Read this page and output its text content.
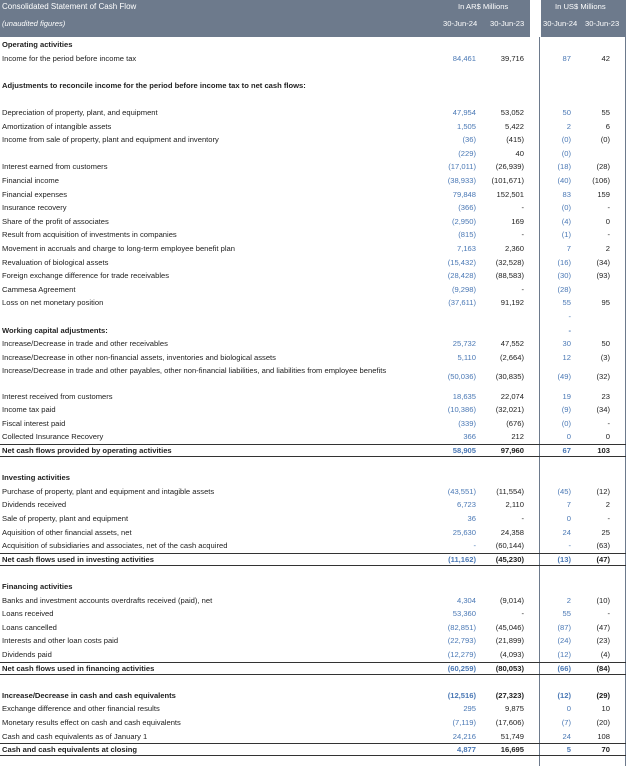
Consolidated Statement of Cash Flow
(unaudited figures)
In AR$ Millions	In US$ Millions
30-Jun-24 30-Jun-23 30-Jun-24 30-Jun-23
Operating activities
Income for the period before income tax	84,461	39,716	87	42
Adjustments to reconcile income for the period before income tax to net cash flows:
Depreciation of property, plant, and equipment	47,954	53,052	50	55
Amortization of intangible assets	1,505	5,422	2	6
Income from sale of property, plant and equipment and inventory	(36)	(415)	(0)	(0)
(229)	40	(0)
Interest earned from customers	(17,011)	(26,939)	(18)	(28)
Financial income	(38,933)	(101,671)	(40)	(106)
Financial expenses	79,848	152,501	83	159
Insurance recovery	(366)	-	(0)	-
Share of the profit of associates	(2,950)	169	(4)	0
Result from acquisition of investments in companies	(815)	-	(1)	-
Movement in accruals and charge to long-term employee benefit plan	7,163	2,360	7	2
Revaluation of biological assets	(15,432)	(32,528)	(16)	(34)
Foreign exchange difference for trade receivables	(28,428)	(88,583)	(30)	(93)
Cammesa Agreement	(9,298)	-	(28)
Loss on net monetary position	(37,611)	91,192	55	95
-
Working capital adjustments:	-
Increase/Decrease in trade and other receivables	25,732	47,552	30	50
Increase/Decrease in other non-financial assets, inventories and biological assets	5,110	(2,664)	12	(3)
Increase/Decrease in trade and other payables, other non-financial liabilities, and liabilities from employee benefits
(50,036)	(30,835)	(49)	(32)
Interest received from customers	18,635	22,074	19	23
Income tax paid	(10,386)	(32,021)	(9)	(34)
Fiscal interest paid	(339)	(676)	(0)	-
Collected Insurance Recovery	366	212	0	0
Net cash flows provided by operating activities	58,905	97,960	67	103
Investing activities
Purchase of property, plant and equipment and intagible assets	(43,551)	(11,554)	(45)	(12)
Dividends received	6,723	2,110	7	2
Sale of property, plant and equipment	36	-	0	-
Aquisition of other financial assets, net	25,630	24,358	24	25
Acquisition of subsidiaries and associates, net of the cash acquired	-	(60,144)	-	(63)
Net cash flows used in investing activities	(11,162)	(45,230)	(13)	(47)
Financing activities
Banks and investment accounts overdrafts received (paid), net	4,304	(9,014)	2	(10)
Loans received	53,360	-	55	-
Loans cancelled	(82,851)	(45,046)	(87)	(47)
Interests and other loan costs paid	(22,793)	(21,899)	(24)	(23)
Dividends paid	(12,279)	(4,093)	(12)	(4)
Net cash flows used in financing activities	(60,259)	(80,053)	(66)	(84)
Increase/Decrease in cash and cash equivalents	(12,516)	(27,323)	(12)	(29)
Exchange difference and other financial results	295	9,875	0	10
Monetary results effect on cash and cash equivalents	(7,119)	(17,606)	(7)	(20)
Cash and cash equivalents as of January 1	24,216	51,749	24	108
Cash and cash equivalents at closing	4,877	16,695	5	70
